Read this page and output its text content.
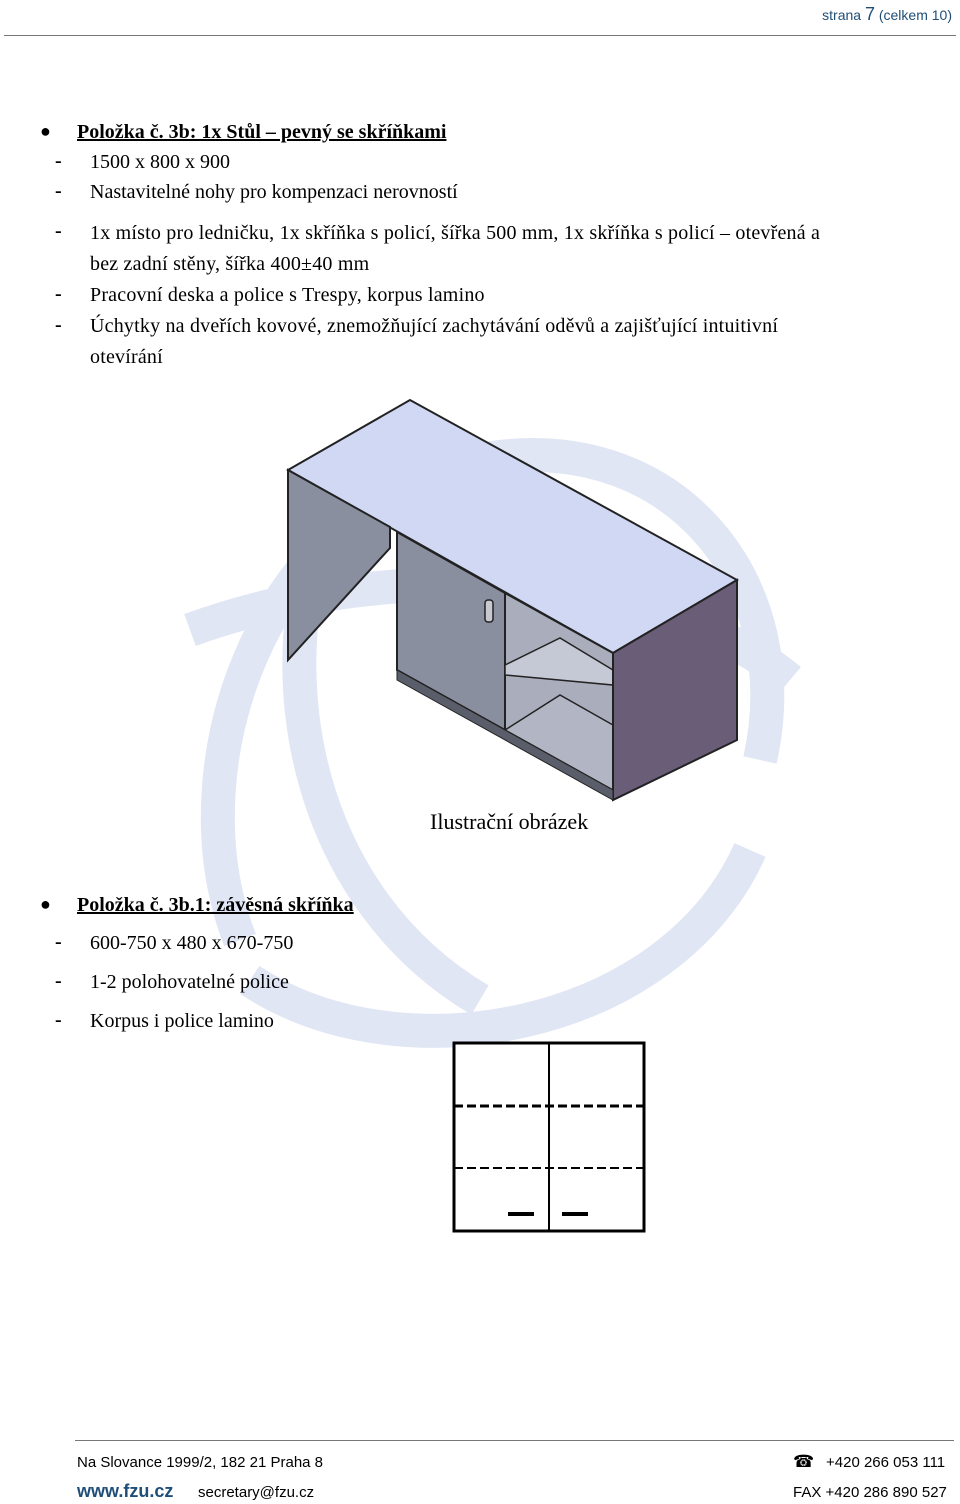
strana 7 (celkem 10)
● Položka č. 3b: 1x Stůl – pevný se skříňkami
- 1500 x 800 x 900
- Nastavitelné nohy pro kompenzaci nerovností
- 1x místo pro ledničku, 1x skříňka s policí, šířka 500 mm, 1x skříňka s policí – otevřená a
bez zadní stěny, šířka 400±40 mm
- Pracovní deska a police s Trespy, korpus lamino
- Úchytky na dveřích kovové, znemožňující zachytávání oděvů a zajišťující intuitivní
otevírání
Ilustrační obrázek
● Položka č. 3b.1: závěsná skříňka
- 600-750 x 480 x 670-750
- 1-2 polohovatelné police
- Korpus i police lamino
Na Slovance 1999/2, 182 21 Praha 8
www.fzu.cz secretary@fzu.cz
☎ +420 266 053 111
FAX +420 286 890 527
